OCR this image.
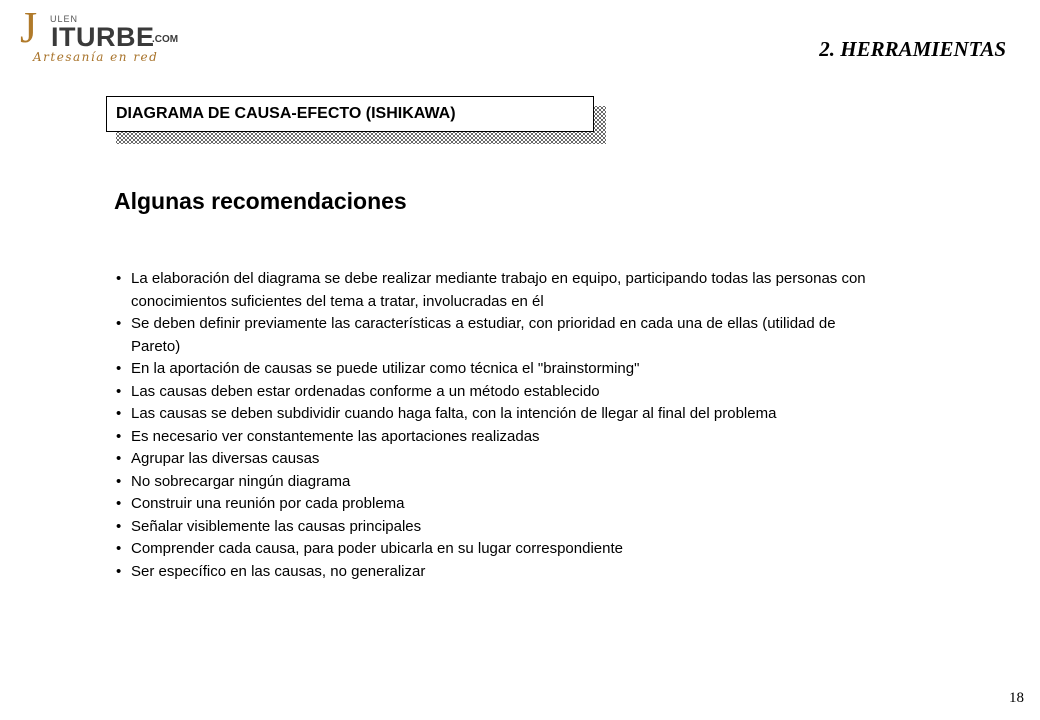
J ULEN
ITURBE
.COM
Artesanía en red	2. HERRAMIENTAS
DIAGRAMA DE CAUSA-EFECTO (ISHIKAWA)
Algunas recomendaciones
• La elaboración del diagrama se debe realizar mediante trabajo en equipo, participando todas las personas con conocimientos suficientes del tema a tratar, involucradas en él
• Se deben definir previamente las características a estudiar, con prioridad en cada una de ellas (utilidad de Pareto)
• En la aportación de causas se puede utilizar como técnica el "brainstorming"
• Las causas deben estar ordenadas conforme a un método establecido
• Las causas se deben subdividir cuando haga falta, con la intención de llegar al final del problema
• Es necesario ver constantemente las aportaciones realizadas
• Agrupar las diversas causas
• No sobrecargar ningún diagrama
• Construir una reunión por cada problema
• Señalar visiblemente las causas principales
• Comprender cada causa, para poder ubicarla en su lugar correspondiente
• Ser específico en las causas, no generalizar
18
